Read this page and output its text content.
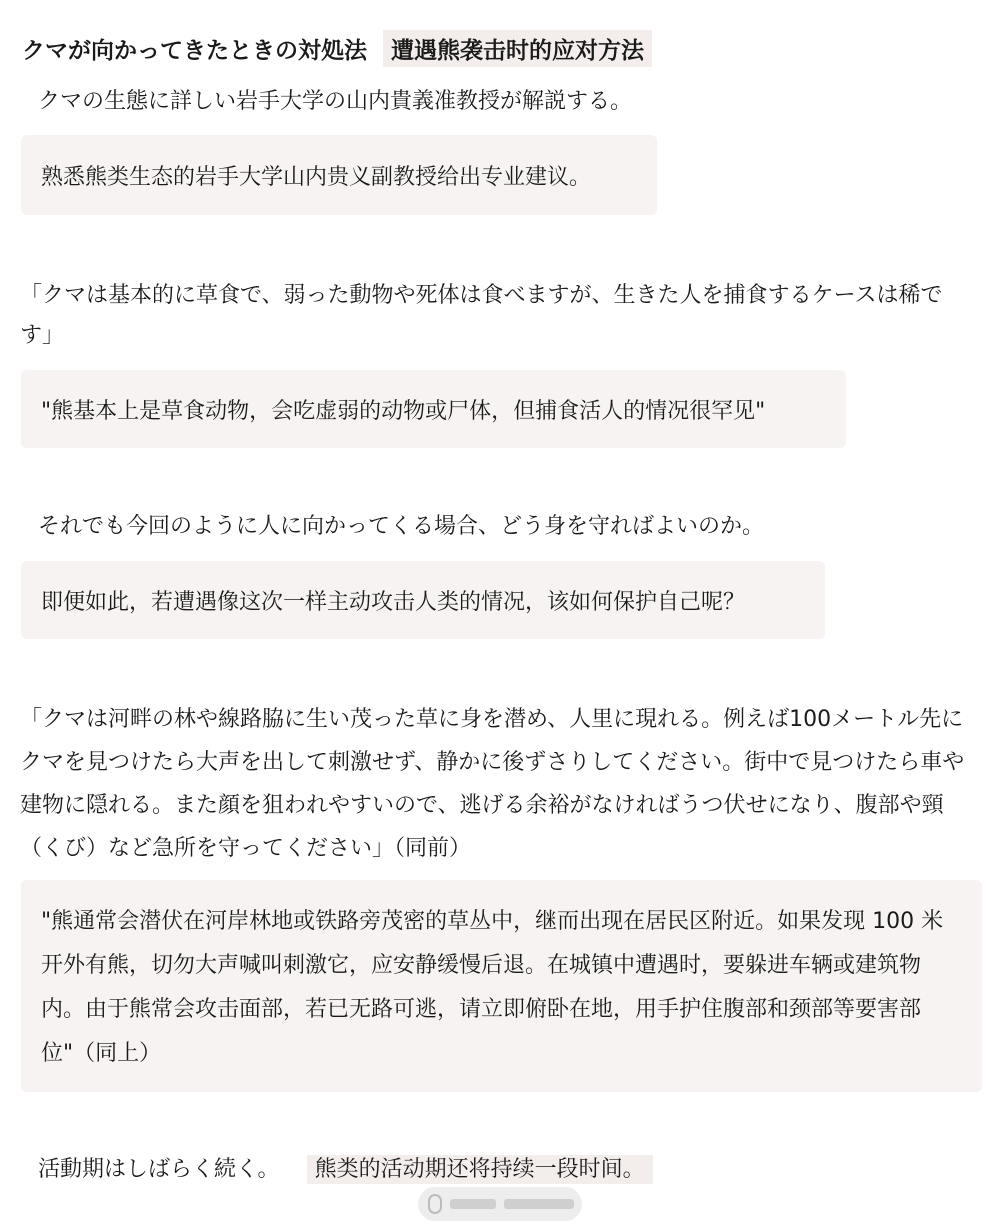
クマが向かってきたときの対処法	遭遇熊袭击时的应对方法

クマの生態に詳しい岩手大学の山内貴義准教授が解説する。

熟悉熊类生态的岩手大学山内贵义副教授给出专业建议。

「クマは基本的に草食で、弱った動物や死体は食べますが、生きた人を捕食するケースは稀です」

"熊基本上是草食动物，会吃虚弱的动物或尸体，但捕食活人的情况很罕见"

それでも今回のように人に向かってくる場合、どう身を守ればよいのか。

即便如此，若遭遇像这次一样主动攻击人类的情况，该如何保护自己呢？

「クマは河畔の林や線路脇に生い茂った草に身を潜め、人里に現れる。例えば100メートル先にクマを見つけたら大声を出して刺激せず、静かに後ずさりしてください。街中で見つけたら車や建物に隠れる。また顔を狙われやすいので、逃げる余裕がなければうつ伏せになり、腹部や頸（くび）など急所を守ってください」（同前）

"熊通常会潜伏在河岸林地或铁路旁茂密的草丛中，继而出现在居民区附近。如果发现 100 米开外有熊，切勿大声喊叫刺激它，应安静缓慢后退。在城镇中遭遇时，要躲进车辆或建筑物内。由于熊常会攻击面部，若已无路可逃，请立即俯卧在地，用手护住腹部和颈部等要害部位"（同上）

活動期はしばらく続く。 熊类的活动期还将持续一段时间。
